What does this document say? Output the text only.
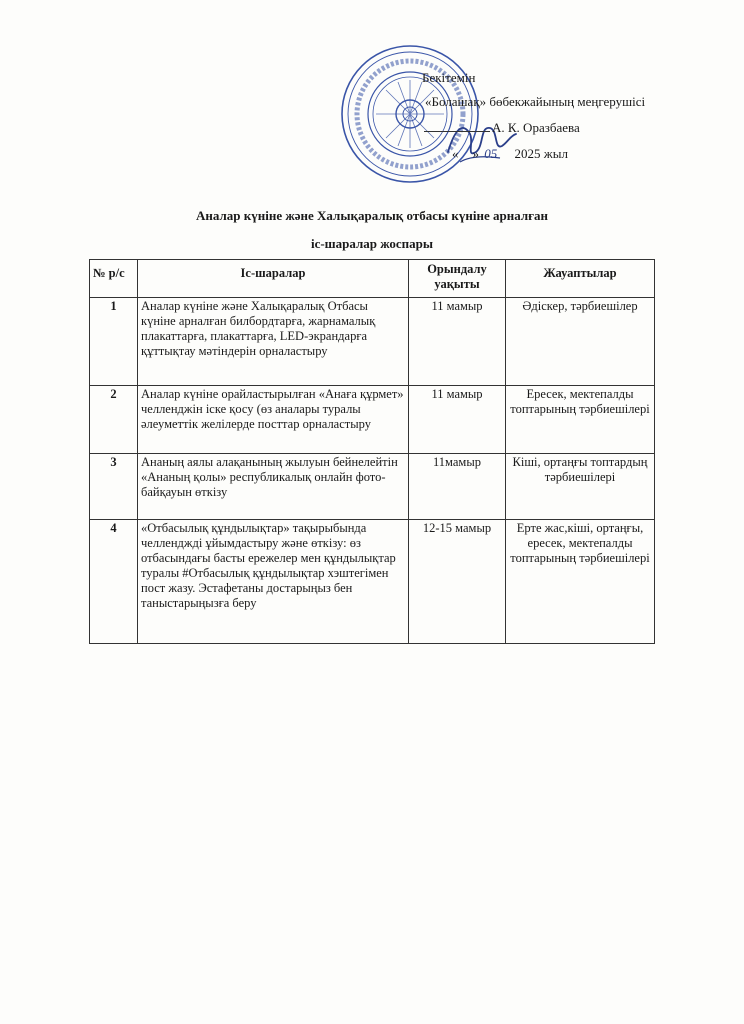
Бекітемін
«Болашақ» бөбекжайының меңгерушісі
А. К. Оразбаева
« » 05 2025 жыл
Аналар күніне және Халықаралық отбасы күніне арналған
іс-шаралар жоспары
№ р/с	Іс-шаралар	Орындалу уақыты	Жауаптылар
1	Аналар күніне және Халықаралық Отбасы күніне арналған билбордтарға, жарнамалық плакаттарға, плакаттарға, LED-экрандарға құттықтау мәтіндерін орналастыру	11 мамыр	Әдіскер, тәрбиешілер
2	Аналар күніне орайластырылған «Анаға құрмет» челленджін іске қосу (өз аналары туралы әлеуметтік желілерде посттар орналастыру	11 мамыр	Ересек, мектепалды топтарының тәрбиешілері
3	Ананың аялы алақанының жылуын бейнелейтін «Ананың қолы» республикалық онлайн фото- байқауын өткізу	11мамыр	Кіші, ортаңғы топтардың тәрбиешілері
4	«Отбасылық құндылықтар» тақырыбында челленджді ұйымдастыру және өткізу: өз отбасындағы басты ережелер мен құндылықтар туралы #Отбасылық құндылықтар хэштегімен пост жазу. Эстафетаны достарыңыз бен таныстарыңызға беру	12-15 мамыр	Ерте жас,кіші, ортаңғы, ересек, мектепалды топтарының тәрбиешілері
